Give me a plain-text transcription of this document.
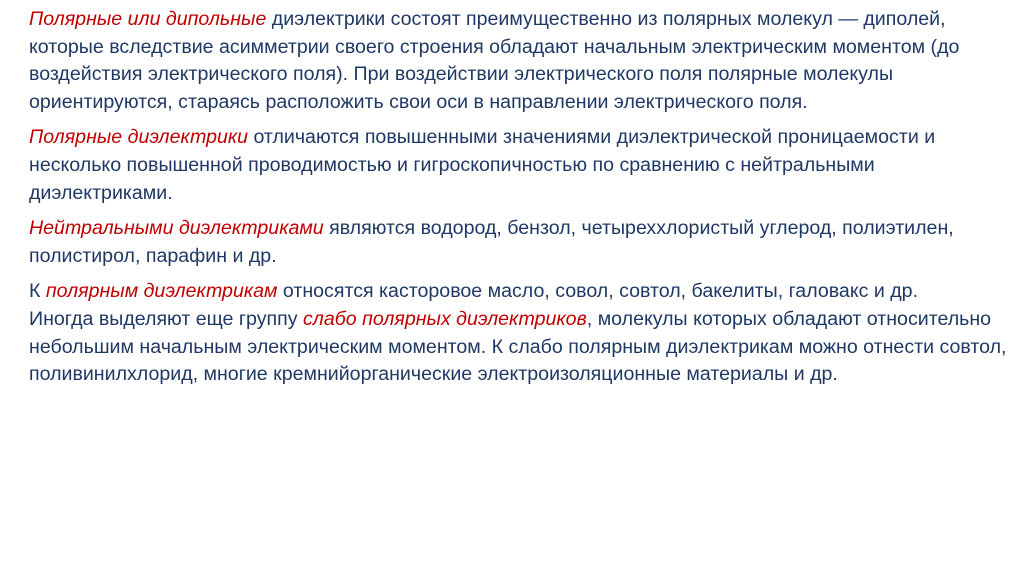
Полярные или дипольные диэлектрики состоят преимущественно из полярных молекул — диполей, которые вследствие асимметрии своего строения обладают начальным электрическим моментом (до воздействия электрического поля). При воздействии электрического поля полярные молекулы ориентируются, стараясь расположить свои оси в направлении электрического поля.

Полярные диэлектрики отличаются повышенными значениями диэлектрической проницаемости и несколько повышенной проводимостью и гигроскопичностью по сравнению с нейтральными диэлектриками.

Нейтральными диэлектриками являются водород, бензол, четыреххлористый углерод, полиэтилен, полистирол, парафин и др.

К полярным диэлектрикам относятся касторовое масло, совол, совтол, бакелиты, галовакс и др.

Иногда выделяют еще группу слабо полярных диэлектриков, молекулы которых обладают относительно небольшим начальным электрическим моментом. К слабо полярным диэлектрикам можно отнести совтол, поливинилхлорид, многие кремнийорганические электроизоляционные материалы и др.
